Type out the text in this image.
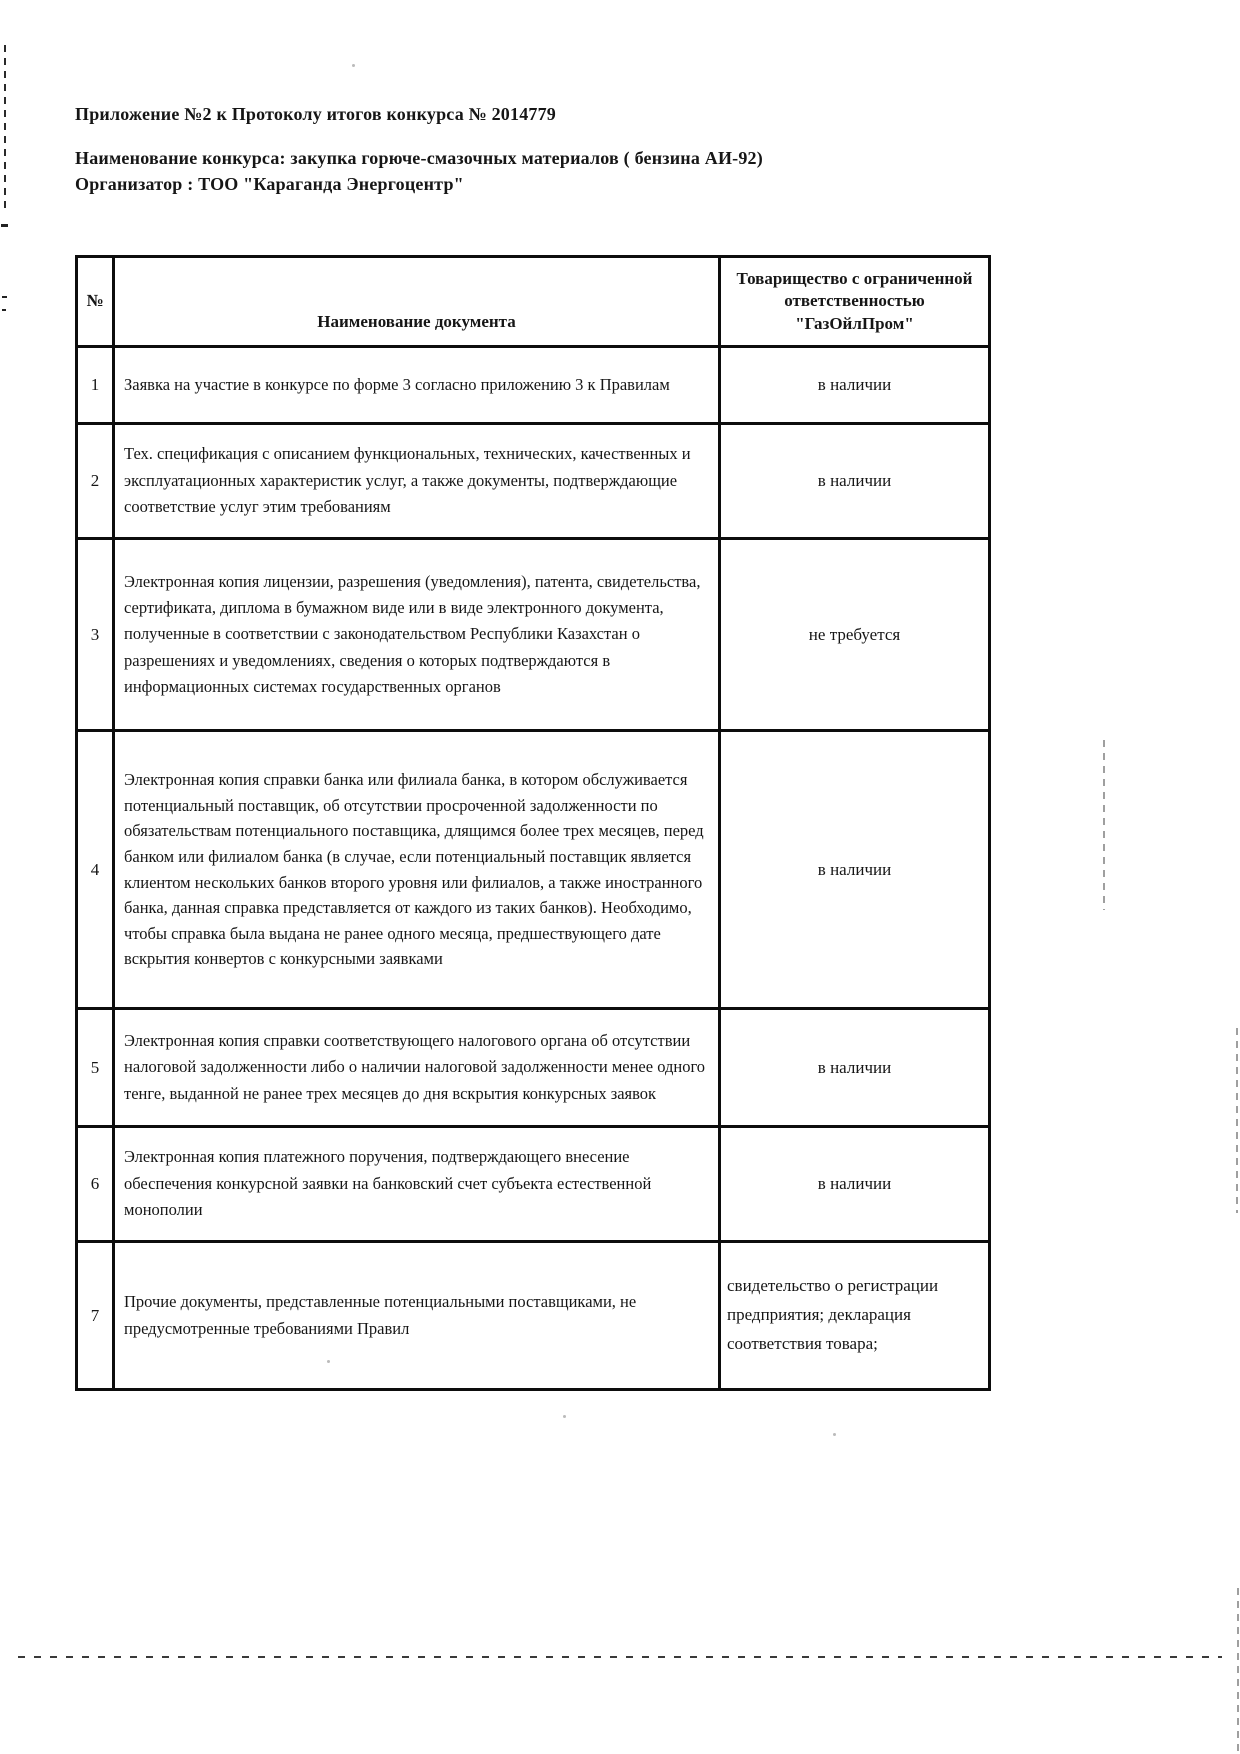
Приложение №2 к Протоколу итогов конкурса № 2014779
Наименование конкурса: закупка горюче-смазочных материалов ( бензина АИ-92)
Организатор : ТОО "Караганда Энергоцентр"
№	Наименование документа	Товарищество с ограниченной ответственностью "ГазОйлПром"
1	Заявка на участие в конкурсе по форме 3 согласно приложению 3 к Правилам	в наличии
2	Тех. спецификация с описанием функциональных, технических, качественных и эксплуатационных характеристик услуг, а также документы, подтверждающие соответствие услуг этим требованиям	в наличии
3	Электронная копия лицензии, разрешения (уведомления), патента, свидетельства, сертификата, диплома в бумажном виде или в виде электронного документа, полученные в соответствии с законодательством Республики Казахстан о разрешениях и уведомлениях, сведения о которых подтверждаются в информационных системах государственных органов	не требуется
4	Электронная копия справки банка или филиала банка, в котором обслуживается потенциальный поставщик, об отсутствии просроченной задолженности по обязательствам потенциального поставщика, длящимся более трех месяцев, перед банком или филиалом банка (в случае, если потенциальный поставщик является клиентом нескольких банков второго уровня или филиалов, а также иностранного банка, данная справка представляется от каждого из таких банков). Необходимо, чтобы справка была выдана не ранее одного месяца, предшествующего дате вскрытия конвертов с конкурсными заявками	в наличии
5	Электронная копия справки соответствующего налогового органа об отсутствии налоговой задолженности либо о наличии налоговой задолженности менее одного тенге, выданной не ранее трех месяцев до дня вскрытия конкурсных заявок	в наличии
6	Электронная копия платежного поручения, подтверждающего внесение обеспечения конкурсной заявки на банковский счет субъекта естественной монополии	в наличии
7	Прочие документы, представленные потенциальными поставщиками, не предусмотренные требованиями Правил	свидетельство о регистрации предприятия; декларация соответствия товара;
